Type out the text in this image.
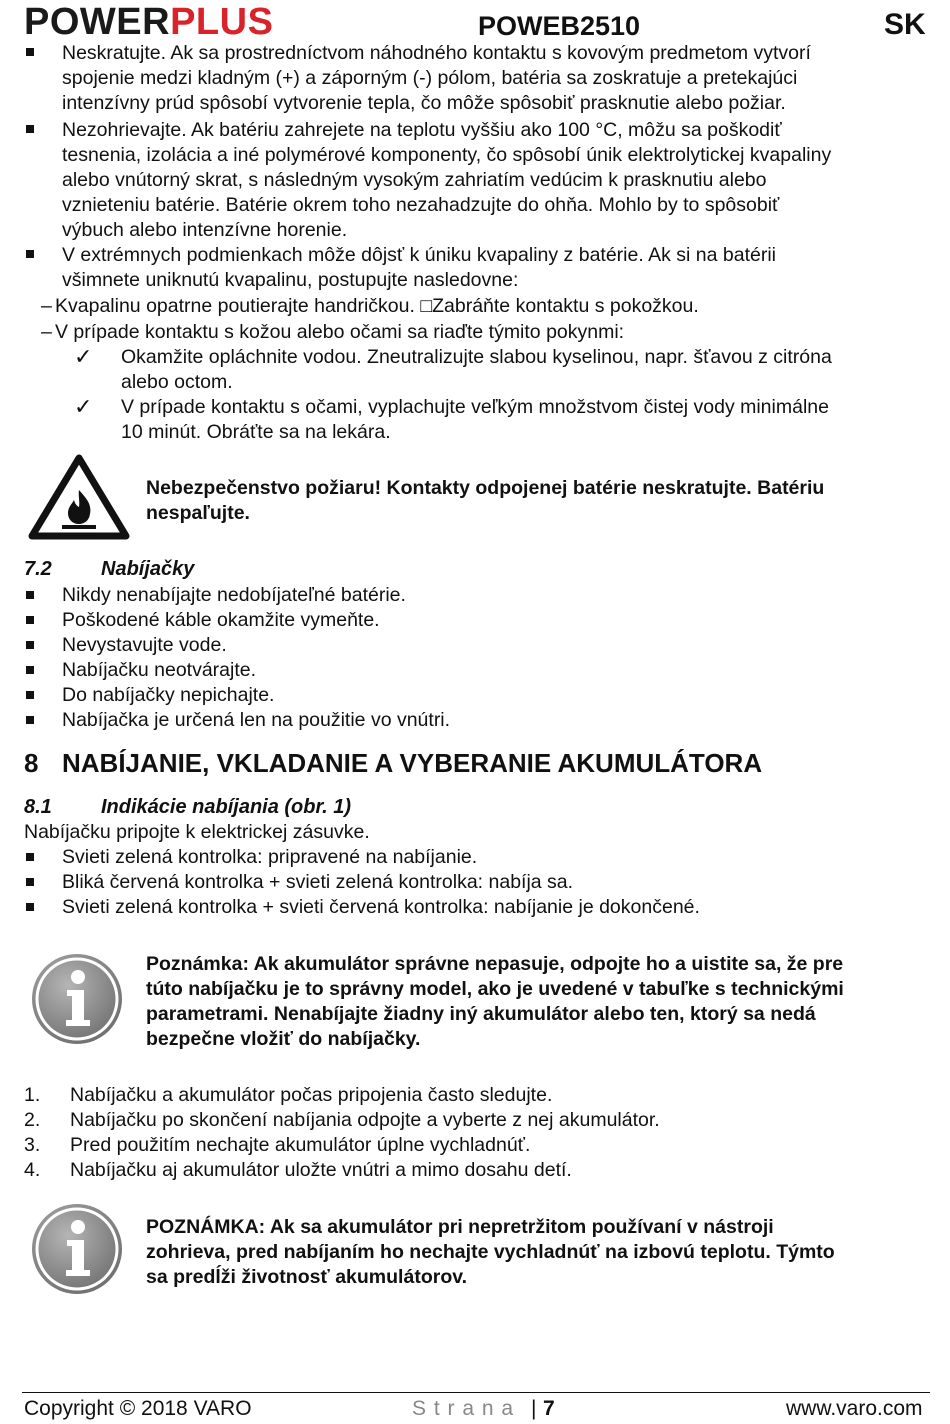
POWERPLUS	POWEB2510	SK
Neskratujte. Ak sa prostredníctvom náhodného kontaktu s kovovým predmetom vytvorí
spojenie medzi kladným (+) a záporným (-) pólom, batéria sa zoskratuje a pretekajúci
intenzívny prúd spôsobí vytvorenie tepla, čo môže spôsobiť prasknutie alebo požiar.
Nezohrievajte. Ak batériu zahrejete na teplotu vyššiu ako 100 °C, môžu sa poškodiť
tesnenia, izolácia a iné polymérové komponenty, čo spôsobí únik elektrolytickej kvapaliny
alebo vnútorný skrat, s následným vysokým zahriatím vedúcim k prasknutiu alebo
vznieteniu batérie. Batérie okrem toho nezahadzujte do ohňa. Mohlo by to spôsobiť
výbuch alebo intenzívne horenie.
V extrémnych podmienkach môže dôjsť k úniku kvapaliny z batérie. Ak si na batérii
všimnete uniknutú kvapalinu, postupujte nasledovne:
– Kvapalinu opatrne poutierajte handričkou. □Zabráňte kontaktu s pokožkou.
– V prípade kontaktu s kožou alebo očami sa riaďte týmito pokynmi:
✓ Okamžite opláchnite vodou. Zneutralizujte slabou kyselinou, napr. šťavou z citróna
alebo octom.
✓ V prípade kontaktu s očami, vyplachujte veľkým množstvom čistej vody minimálne
10 minút. Obráťte sa na lekára.
Nebezpečenstvo požiaru! Kontakty odpojenej batérie neskratujte. Batériu
nespaľujte.
7.2 Nabíjačky
Nikdy nenabíjajte nedobíjateľné batérie.
Poškodené káble okamžite vymeňte.
Nevystavujte vode.
Nabíjačku neotvárajte.
Do nabíjačky nepichajte.
Nabíjačka je určená len na použitie vo vnútri.
8 NABÍJANIE, VKLADANIE A VYBERANIE AKUMULÁTORA
8.1 Indikácie nabíjania (obr. 1)
Nabíjačku pripojte k elektrickej zásuvke.
Svieti zelená kontrolka: pripravené na nabíjanie.
Bliká červená kontrolka + svieti zelená kontrolka: nabíja sa.
Svieti zelená kontrolka + svieti červená kontrolka: nabíjanie je dokončené.
Poznámka: Ak akumulátor správne nepasuje, odpojte ho a uistite sa, že pre
túto nabíjačku je to správny model, ako je uvedené v tabuľke s technickými
parametrami. Nenabíjajte žiadny iný akumulátor alebo ten, ktorý sa nedá
bezpečne vložiť do nabíjačky.
1. Nabíjačku a akumulátor počas pripojenia často sledujte.
2. Nabíjačku po skončení nabíjania odpojte a vyberte z nej akumulátor.
3. Pred použitím nechajte akumulátor úplne vychladnúť.
4. Nabíjačku aj akumulátor uložte vnútri a mimo dosahu detí.
POZNÁMKA: Ak sa akumulátor pri nepretržitom používaní v nástroji
zohrieva, pred nabíjaním ho nechajte vychladnúť na izbovú teplotu. Týmto
sa predĺži životnosť akumulátorov.
Copyright © 2018 VARO	S t r a n a | 7	www.varo.com
